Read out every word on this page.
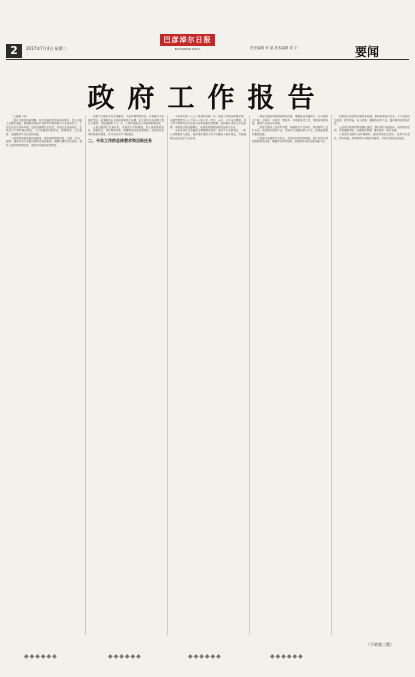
2	2017年7月4日 星期二
巴彦淖尔日报
BAYANNUR DAILY	责任编辑 李 斌 美术编辑 刘 宇	要闻
政府工作报告

（上接第一版）

二是扎实推进结构调整，经济发展质量效益稳步提升。深入实施工业强市战略，积极推动传统产业转型升级和新兴产业培育壮大，工业经济运行总体平稳。加快发展现代农牧业，巩固农业基础地位，农牧业生产保持稳定增长。大力发展现代服务业，商贸物流、文化旅游、金融服务等行业加快发展。

三是持续加强基础设施建设，城乡面貌明显改善。交通、水利、能源、通信等重大基础设施项目加快推进，城镇化建设步伐加快，城乡人居环境持续改善，美丽乡村建设成效明显。

四是大力推进生态文明建设，生态环境持续好转。认真落实生态保护责任，统筹推进山水林田湖草综合治理，重点区域生态治理工程扎实推进，节能减排和大气、水、土壤污染防治工作取得积极成效。

五是全面深化改革开放，发展活力不断增强。深入推进简政放权、放管结合、优化服务改革，商事制度改革成效明显，农村牧区各项改革稳步推进，对外开放水平不断提高。

二、今年工作的总体要求和目标任务

今年是实施“十三五”规划的重要一年。政府工作的总体要求是：全面贯彻党的十八大和十八届三中、四中、五中、六中全会精神，深入学习贯彻习近平总书记系列重要讲话精神，坚持稳中求进工作总基调，牢固树立新发展理念，以推进供给侧结构性改革为主线。

全年经济社会发展的主要预期目标是：地区生产总值增长，一般公共预算收入增长，城乡常住居民人均可支配收入稳步增长，节能减排完成自治区下达任务。

一是着力推进供给侧结构性改革，增强经济发展动力。扎实做好去产能、去库存、去杠杆、降成本、补短板各项工作，积极培育新动能，推动产业迈向中高端。

二是着力推动工业转型升级，构建现代产业体系。坚持新型工业化方向，改造提升传统产业，培育壮大战略性新兴产业，推进园区集约集聚发展。

三是着力发展现代农牧业，促进农牧民持续增收。深化农牧业供给侧结构性改革，调整优化种养结构，发展绿色有机高端农畜产品。

四是着力加快现代服务业发展，提升服务经济比重。大力发展文化旅游、现代物流、电子商务、健康养老等产业，推动服务业提质扩容。

五是着力推进新型城镇化建设，提升城乡发展品质。坚持规划引领，完善城镇功能，加强城市管理，推进城乡一体化发展。

六是着力加强生态环境保护，建设美丽巴彦淖尔。坚持生态优先、绿色发展，持续推进生态保护和建设，打好污染防治攻坚战。

（下转第三版）
◆◆◆◆◆◆	◆◆◆◆◆◆	◆◆◆◆◆◆	◆◆◆◆◆◆
